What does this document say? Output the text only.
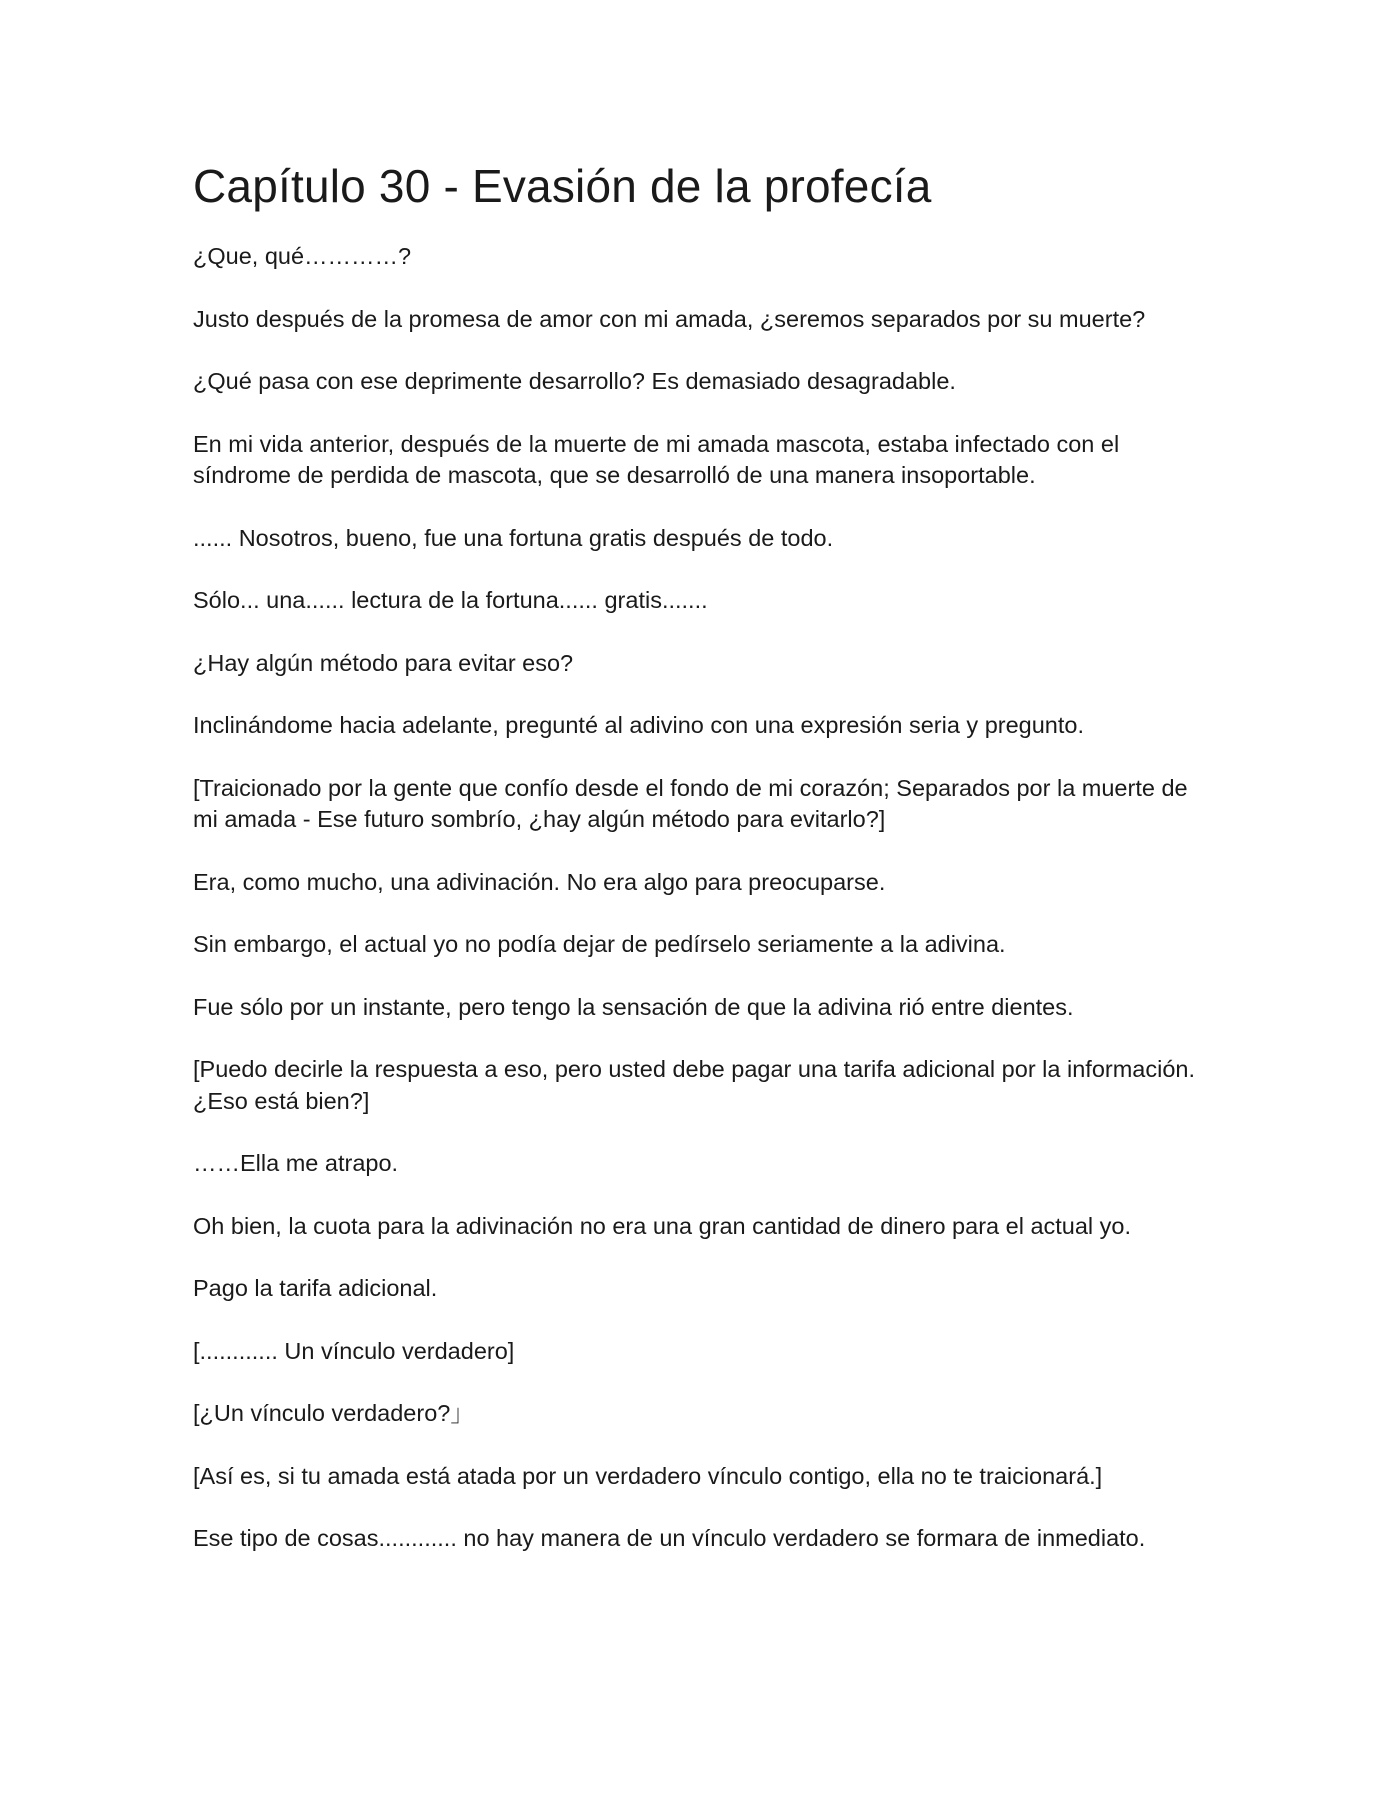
Capítulo 30 - Evasión de la profecía

¿Que, qué…………?

Justo después de la promesa de amor con mi amada, ¿seremos separados por su muerte?

¿Qué pasa con ese deprimente desarrollo? Es demasiado desagradable.

En mi vida anterior, después de la muerte de mi amada mascota, estaba infectado con el síndrome de perdida de mascota, que se desarrolló de una manera insoportable.

...... Nosotros, bueno, fue una fortuna gratis después de todo.

Sólo... una...... lectura de la fortuna...... gratis.......

¿Hay algún método para evitar eso?

Inclinándome hacia adelante, pregunté al adivino con una expresión seria y pregunto.

[Traicionado por la gente que confío desde el fondo de mi corazón; Separados por la muerte de mi amada - Ese futuro sombrío, ¿hay algún método para evitarlo?]

Era, como mucho, una adivinación. No era algo para preocuparse.

Sin embargo, el actual yo no podía dejar de pedírselo seriamente a la adivina.

Fue sólo por un instante, pero tengo la sensación de que la adivina rió entre dientes.

[Puedo decirle la respuesta a eso, pero usted debe pagar una tarifa adicional por la información. ¿Eso está bien?]

……Ella me atrapo.

Oh bien, la cuota para la adivinación no era una gran cantidad de dinero para el actual yo.

Pago la tarifa adicional.

[............ Un vínculo verdadero]

[¿Un vínculo verdadero?」

[Así es, si tu amada está atada por un verdadero vínculo contigo, ella no te traicionará.]

Ese tipo de cosas............ no hay manera de un vínculo verdadero se formara de inmediato.
